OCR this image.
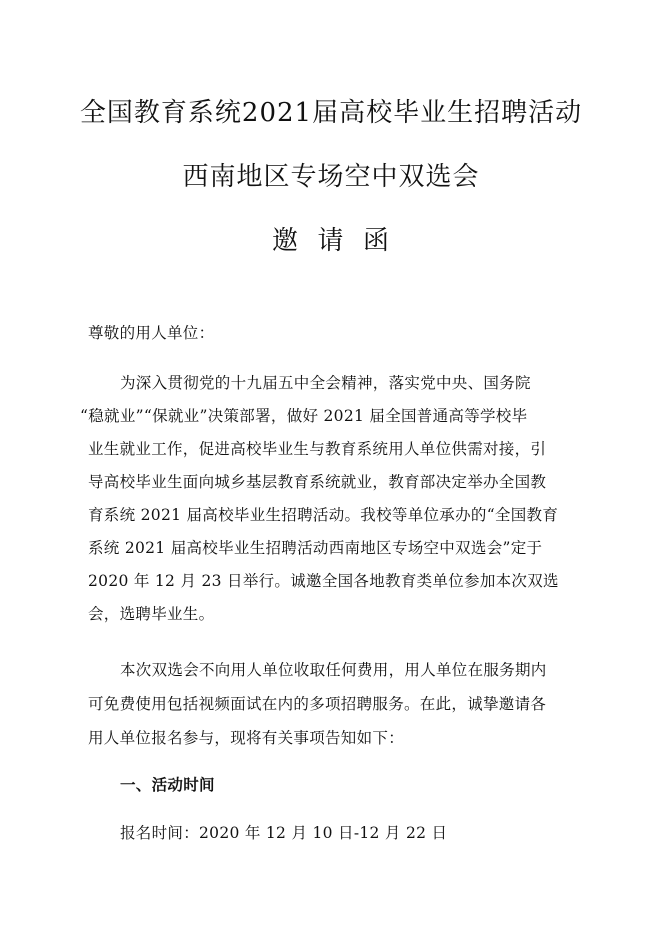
全国教育系统2021届高校毕业生招聘活动
西南地区专场空中双选会
邀  请  函
尊敬的用人单位：
为深入贯彻党的十九届五中全会精神，落实党中央、国务院
“稳就业”“保就业”决策部署，做好 2021 届全国普通高等学校毕
业生就业工作，促进高校毕业生与教育系统用人单位供需对接，引
导高校毕业生面向城乡基层教育系统就业，教育部决定举办全国教
育系统 2021 届高校毕业生招聘活动。我校等单位承办的“全国教育
系统 2021 届高校毕业生招聘活动西南地区专场空中双选会”定于
2020 年 12 月 23 日举行。诚邀全国各地教育类单位参加本次双选
会，选聘毕业生。
本次双选会不向用人单位收取任何费用，用人单位在服务期内
可免费使用包括视频面试在内的多项招聘服务。在此，诚挚邀请各
用人单位报名参与，现将有关事项告知如下：
一、活动时间
报名时间：2020 年 12 月 10 日-12 月 22 日
